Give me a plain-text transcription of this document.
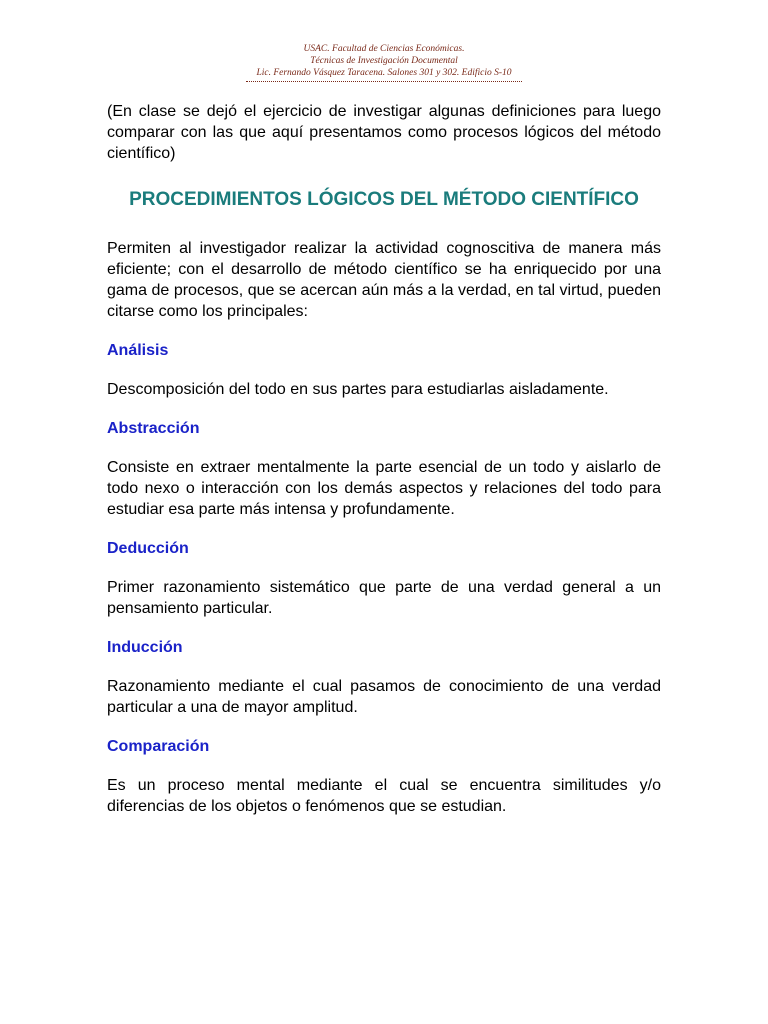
USAC. Facultad de Ciencias Económicas.
Técnicas de Investigación Documental
Lic. Fernando Vásquez Taracena. Salones 301 y 302. Edificio S-10

(En clase se dejó el ejercicio de investigar algunas definiciones para luego comparar con las que aquí presentamos como procesos lógicos del método científico)

PROCEDIMIENTOS LÓGICOS DEL MÉTODO CIENTÍFICO

Permiten al investigador realizar la actividad cognoscitiva de manera más eficiente; con el desarrollo de método científico se ha enriquecido por una gama de procesos, que se acercan aún más a la verdad, en tal virtud, pueden citarse como los principales:

Análisis

Descomposición del todo en sus partes para estudiarlas aisladamente.

Abstracción

Consiste en extraer mentalmente la parte esencial de un todo y aislarlo de todo nexo o interacción con los demás aspectos y relaciones del todo para estudiar esa parte más intensa y profundamente.

Deducción

Primer razonamiento sistemático que parte de una verdad general a un pensamiento particular.

Inducción

Razonamiento mediante el cual pasamos de conocimiento de una verdad particular a una de mayor amplitud.

Comparación

Es un proceso mental mediante el cual se encuentra similitudes y/o diferencias de los objetos o fenómenos que se estudian.
